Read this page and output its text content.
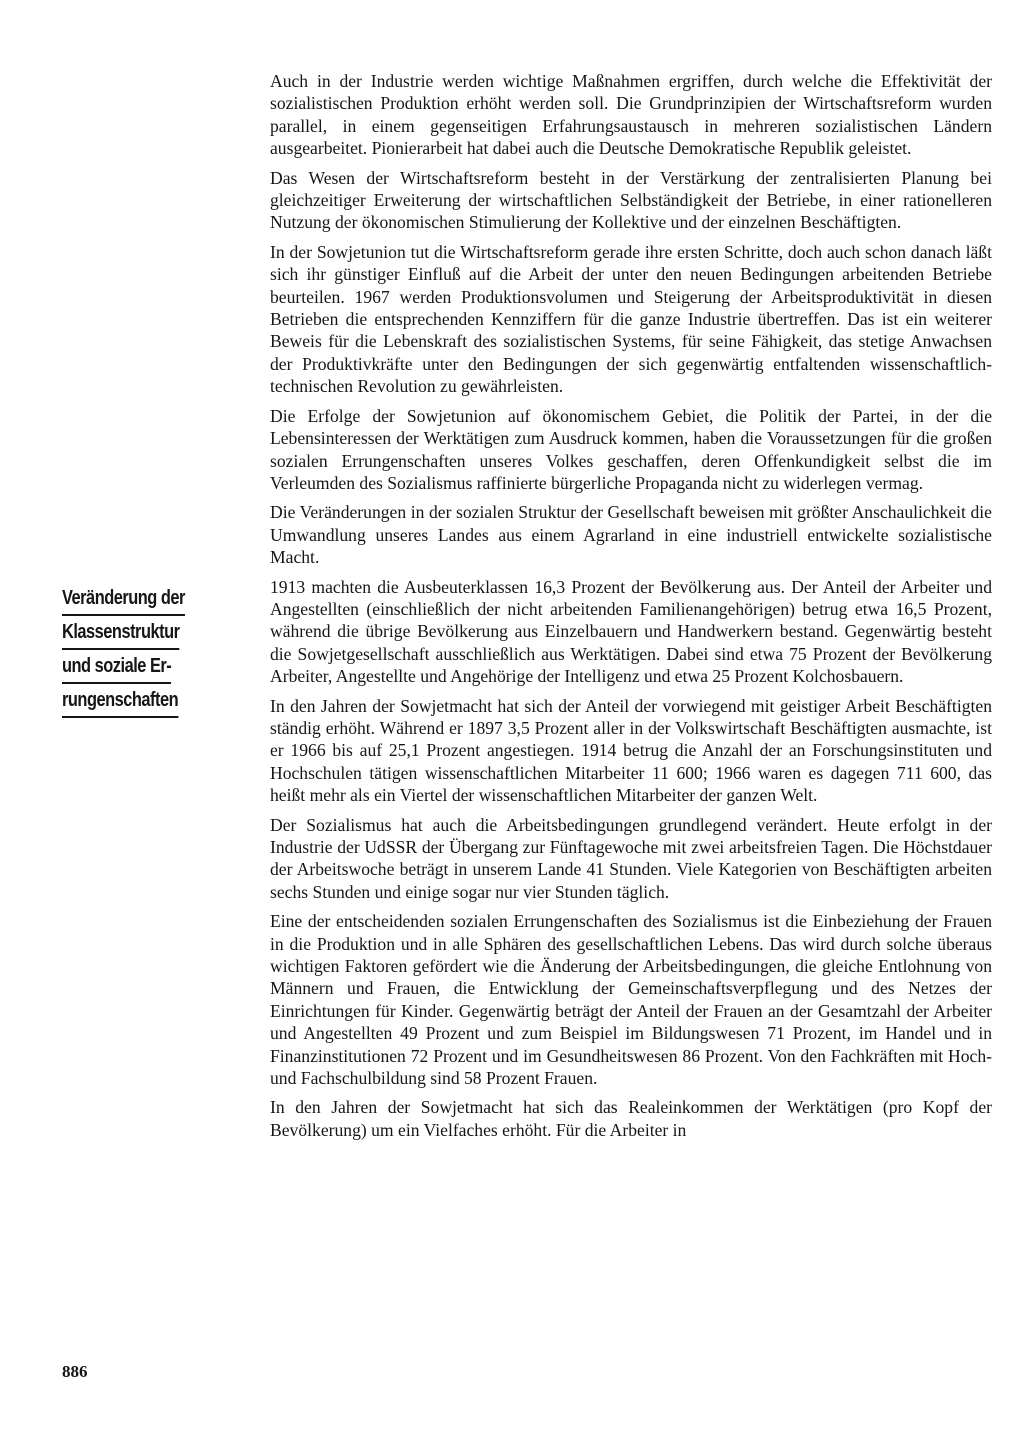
Veränderung der
Klassenstruktur
und soziale Er-
rungenschaften

Auch in der Industrie werden wichtige Maßnahmen ergriffen, durch welche die Effektivität der sozialistischen Produktion erhöht werden soll. Die Grundprinzipien der Wirtschaftsreform wurden parallel, in einem gegenseitigen Erfahrungsaustausch in mehreren sozialistischen Ländern ausgearbeitet. Pionierarbeit hat dabei auch die Deutsche Demokratische Republik geleistet.

Das Wesen der Wirtschaftsreform besteht in der Verstärkung der zentralisierten Planung bei gleichzeitiger Erweiterung der wirtschaftlichen Selbständigkeit der Betriebe, in einer rationelleren Nutzung der ökonomischen Stimulierung der Kollektive und der einzelnen Beschäftigten.

In der Sowjetunion tut die Wirtschaftsreform gerade ihre ersten Schritte, doch auch schon danach läßt sich ihr günstiger Einfluß auf die Arbeit der unter den neuen Bedingungen arbeitenden Betriebe beurteilen. 1967 werden Produktionsvolumen und Steigerung der Arbeitsproduktivität in diesen Betrieben die entsprechenden Kennziffern für die ganze Industrie übertreffen. Das ist ein weiterer Beweis für die Lebenskraft des sozialistischen Systems, für seine Fähigkeit, das stetige Anwachsen der Produktivkräfte unter den Bedingungen der sich gegenwärtig entfaltenden wissenschaftlich-technischen Revolution zu gewährleisten.

Die Erfolge der Sowjetunion auf ökonomischem Gebiet, die Politik der Partei, in der die Lebensinteressen der Werktätigen zum Ausdruck kommen, haben die Voraussetzungen für die großen sozialen Errungenschaften unseres Volkes geschaffen, deren Offenkundigkeit selbst die im Verleumden des Sozialismus raffinierte bürgerliche Propaganda nicht zu widerlegen vermag.

Die Veränderungen in der sozialen Struktur der Gesellschaft beweisen mit größter Anschaulichkeit die Umwandlung unseres Landes aus einem Agrarland in eine industriell entwickelte sozialistische Macht.

1913 machten die Ausbeuterklassen 16,3 Prozent der Bevölkerung aus. Der Anteil der Arbeiter und Angestellten (einschließlich der nicht arbeitenden Familienangehörigen) betrug etwa 16,5 Prozent, während die übrige Bevölkerung aus Einzelbauern und Handwerkern bestand. Gegenwärtig besteht die Sowjetgesellschaft ausschließlich aus Werktätigen. Dabei sind etwa 75 Prozent der Bevölkerung Arbeiter, Angestellte und Angehörige der Intelligenz und etwa 25 Prozent Kolchosbauern.

In den Jahren der Sowjetmacht hat sich der Anteil der vorwiegend mit geistiger Arbeit Beschäftigten ständig erhöht. Während er 1897 3,5 Prozent aller in der Volkswirtschaft Beschäftigten ausmachte, ist er 1966 bis auf 25,1 Prozent angestiegen. 1914 betrug die Anzahl der an Forschungsinstituten und Hochschulen tätigen wissenschaftlichen Mitarbeiter 11 600; 1966 waren es dagegen 711 600, das heißt mehr als ein Viertel der wissenschaftlichen Mitarbeiter der ganzen Welt.

Der Sozialismus hat auch die Arbeitsbedingungen grundlegend verändert. Heute erfolgt in der Industrie der UdSSR der Übergang zur Fünftagewoche mit zwei arbeitsfreien Tagen. Die Höchstdauer der Arbeitswoche beträgt in unserem Lande 41 Stunden. Viele Kategorien von Beschäftigten arbeiten sechs Stunden und einige sogar nur vier Stunden täglich.

Eine der entscheidenden sozialen Errungenschaften des Sozialismus ist die Einbeziehung der Frauen in die Produktion und in alle Sphären des gesellschaftlichen Lebens. Das wird durch solche überaus wichtigen Faktoren gefördert wie die Änderung der Arbeitsbedingungen, die gleiche Entlohnung von Männern und Frauen, die Entwicklung der Gemeinschaftsverpflegung und des Netzes der Einrichtungen für Kinder. Gegenwärtig beträgt der Anteil der Frauen an der Gesamtzahl der Arbeiter und Angestellten 49 Prozent und zum Beispiel im Bildungswesen 71 Prozent, im Handel und in Finanzinstitutionen 72 Prozent und im Gesundheitswesen 86 Prozent. Von den Fachkräften mit Hoch- und Fachschulbildung sind 58 Prozent Frauen.

In den Jahren der Sowjetmacht hat sich das Realeinkommen der Werktätigen (pro Kopf der Bevölkerung) um ein Vielfaches erhöht. Für die Arbeiter in

886
